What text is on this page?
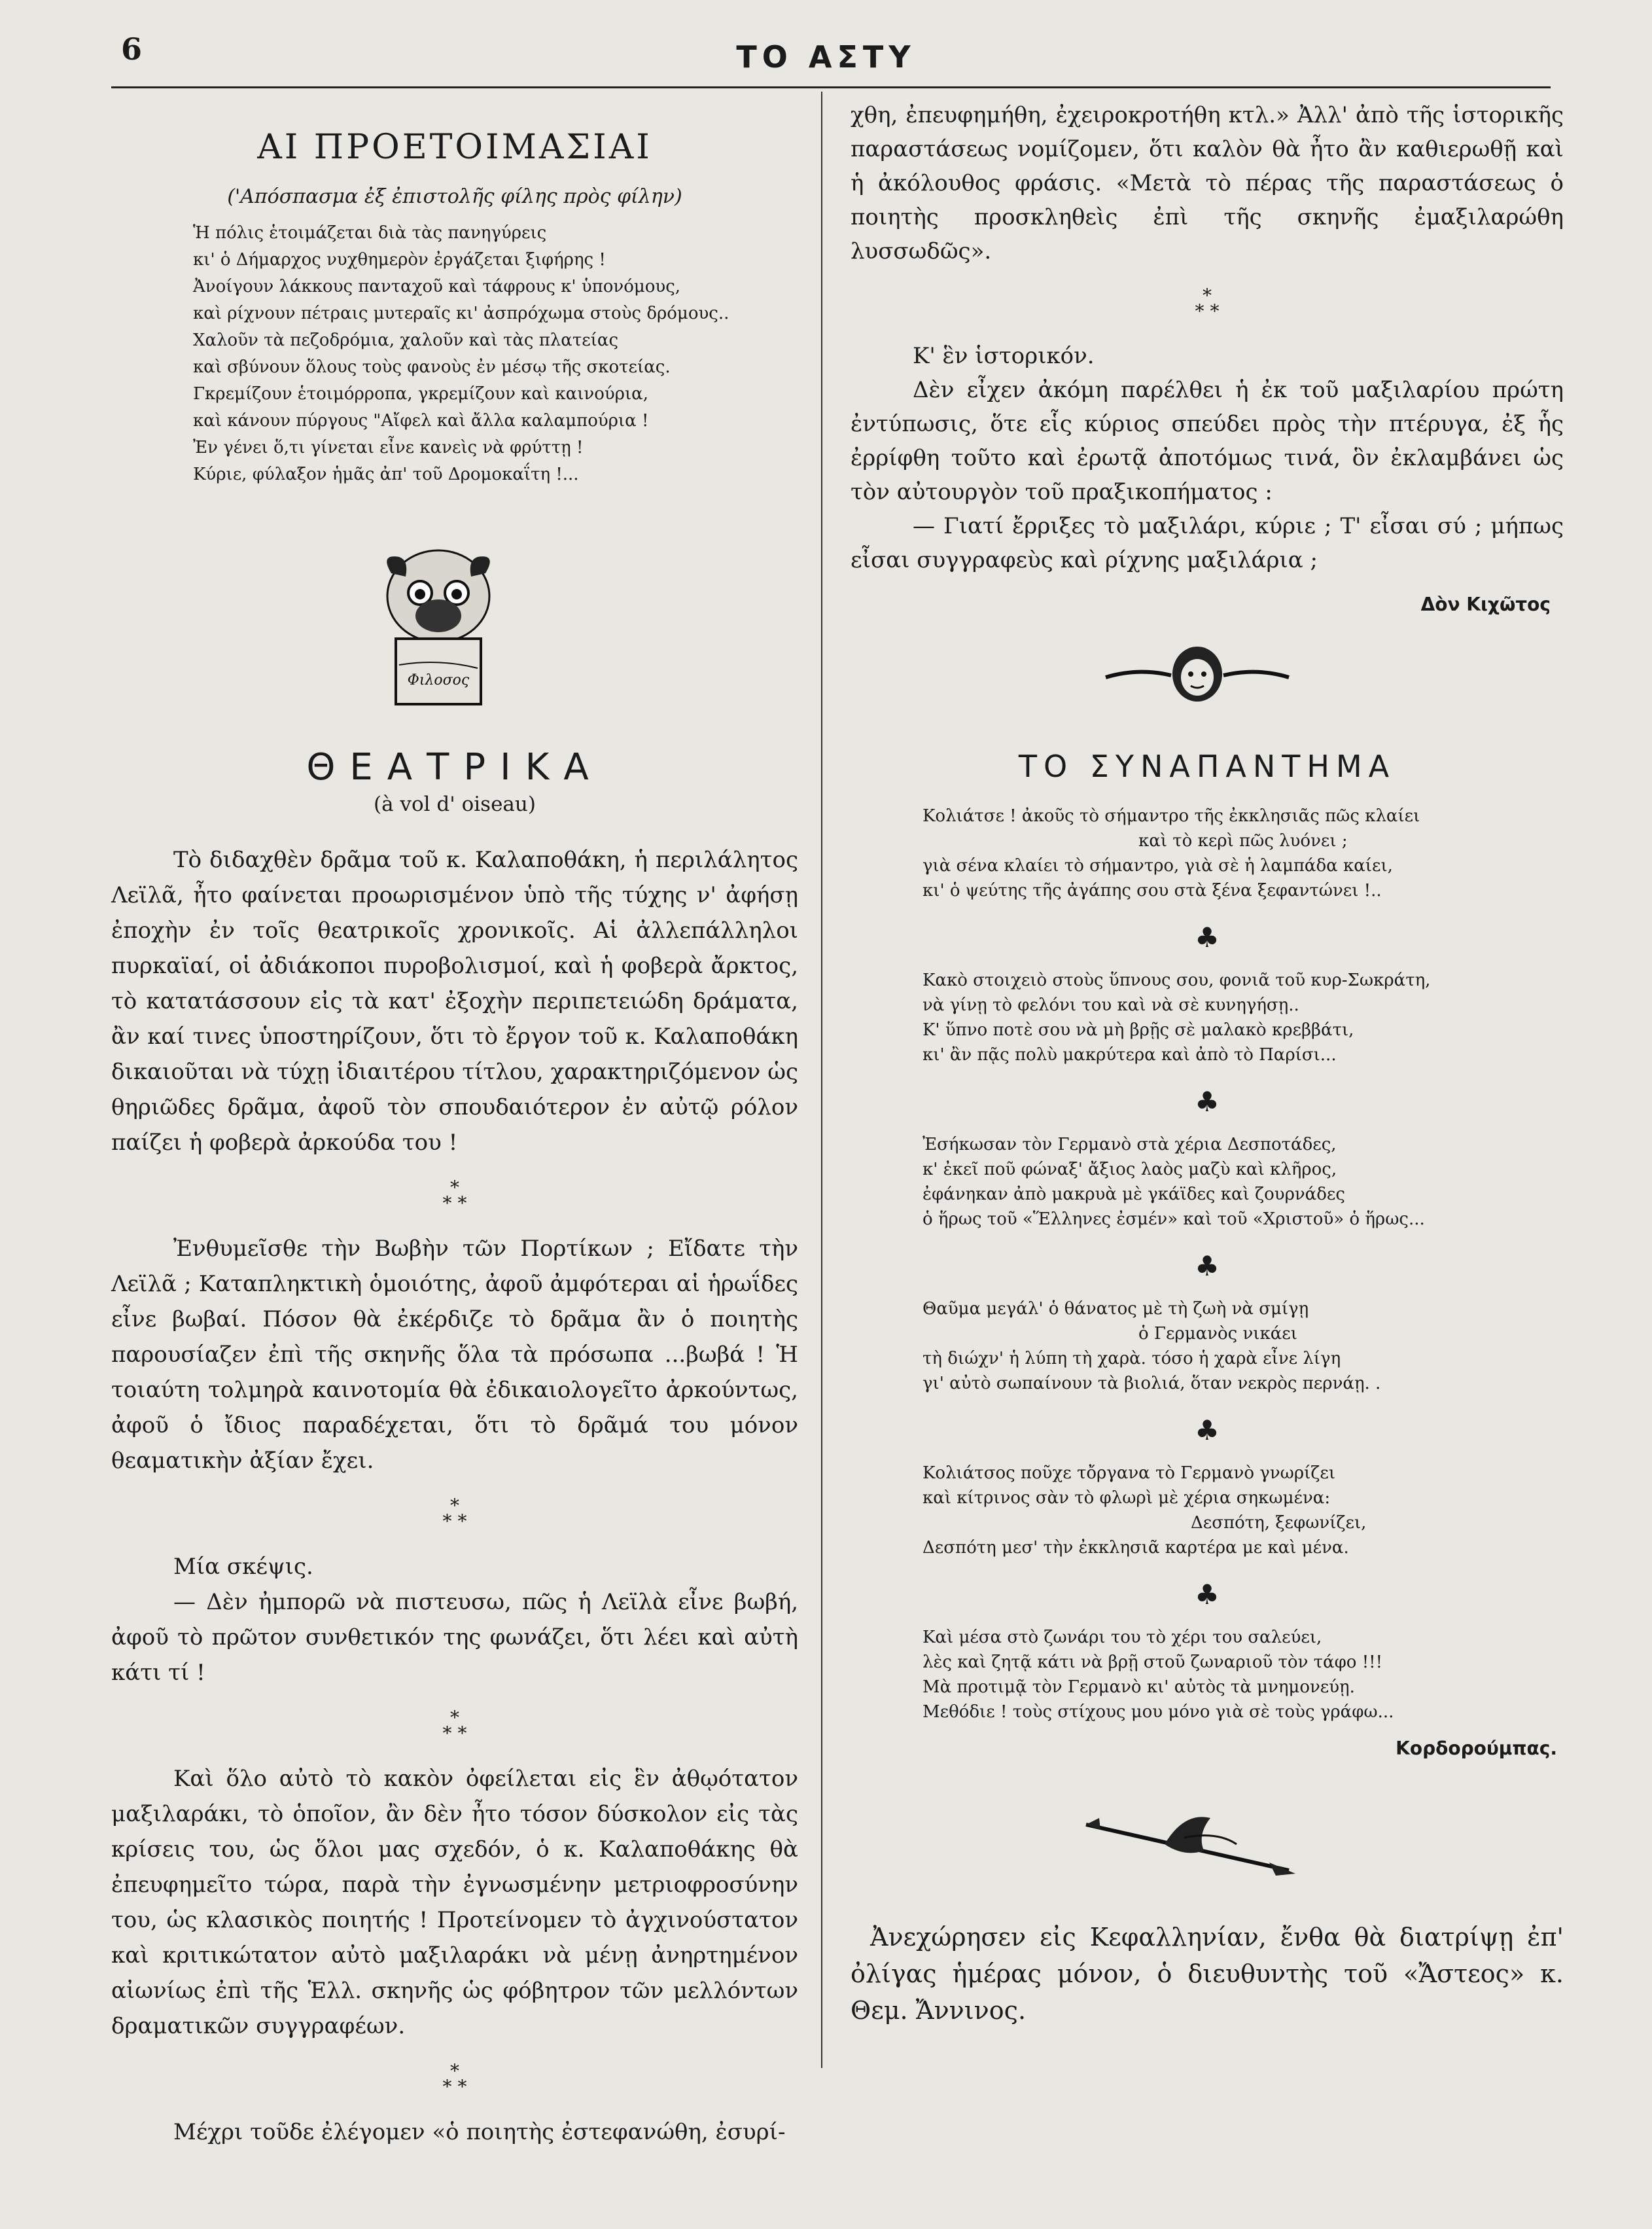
6	ΤΟ ΑΣΤΥ
ΑΙ ΠΡΟΕΤΟΙΜΑΣΙΑΙ
('Απόσπασμα ἐξ ἐπιστολῆς φίλης πρὸς φίλην)
Ἡ πόλις ἑτοιμάζεται διὰ τὰς πανηγύρεις
κι' ὁ Δήμαρχος νυχθημερὸν ἐργάζεται ξιφήρης !
Ἀνοίγουν λάκκους πανταχοῦ καὶ τάφρους κ' ὑπονόμους,
καὶ ρίχνουν πέτραις μυτεραῖς κι' ἀσπρόχωμα στοὺς δρόμους..
Χαλοῦν τὰ πεζοδρόμια, χαλοῦν καὶ τὰς πλατείας
καὶ σβύνουν ὅλους τοὺς φανοὺς ἐν μέσῳ τῆς σκοτείας.
Γκρεμίζουν ἑτοιμόρροπα, γκρεμίζουν καὶ καινούρια,
καὶ κάνουν πύργους "Αἴφελ καὶ ἄλλα καλαμπούρια !
Ἐν γένει ὅ,τι γίνεται εἶνε κανεὶς νὰ φρύττῃ !
Κύριε, φύλαξον ἡμᾶς ἀπ' τοῦ Δρομοκαΐτη !...
Φιλοσος
ΘΕΑΤΡΙΚΑ
(à vol d' oiseau)

Τὸ διδαχθὲν δρᾶμα τοῦ κ. Καλαποθάκη, ἡ περιλάλητος Λεϊλᾶ, ἦτο φαίνεται προωρισμένον ὑπὸ τῆς τύχης ν' ἀφήσῃ ἐποχὴν ἐν τοῖς θεατρικοῖς χρονικοῖς. Αἱ ἀλλεπάλληλοι πυρκαϊαί, οἱ ἀδιάκοποι πυροβολισμοί, καὶ ἡ φοβερὰ ἄρκτος, τὸ κατατάσσουν εἰς τὰ κατ' ἐξοχὴν περιπετειώδη δράματα, ἂν καί τινες ὑποστηρίζουν, ὅτι τὸ ἔργον τοῦ κ. Καλαποθάκη δικαιοῦται νὰ τύχῃ ἰδιαιτέρου τίτλου, χαρακτηριζόμενον ὡς θηριῶδες δρᾶμα, ἀφοῦ τὸν σπουδαιότερον ἐν αὐτῷ ρόλον παίζει ἡ φοβερὰ ἀρκούδα του !

*
* *

Ἐνθυμεῖσθε τὴν Βωβὴν τῶν Πορτίκων ; Εἴδατε τὴν Λεϊλᾶ ; Καταπληκτικὴ ὁμοιότης, ἀφοῦ ἀμφότεραι αἱ ἡρωΐδες εἶνε βωβαί. Πόσον θὰ ἐκέρδιζε τὸ δρᾶμα ἂν ὁ ποιητὴς παρουσίαζεν ἐπὶ τῆς σκηνῆς ὅλα τὰ πρόσωπα ...βωβά ! Ἡ τοιαύτη τολμηρὰ καινοτομία θὰ ἐδικαιολογεῖτο ἀρκούντως, ἀφοῦ ὁ ἴδιος παραδέχεται, ὅτι τὸ δρᾶμά του μόνον θεαματικὴν ἀξίαν ἔχει.

*
* *

Μία σκέψις.

— Δὲν ἠμπορῶ νὰ πιστευσω, πῶς ἡ Λεϊλὰ εἶνε βωβή, ἀφοῦ τὸ πρῶτον συνθετικόν της φωνάζει, ὅτι λέει καὶ αὐτὴ κάτι τί !

*
* *

Καὶ ὅλο αὐτὸ τὸ κακὸν ὀφείλεται εἰς ἓν ἀθῳότατον μαξιλαράκι, τὸ ὁποῖον, ἂν δὲν ἦτο τόσον δύσκολον εἰς τὰς κρίσεις του, ὡς ὅλοι μας σχεδόν, ὁ κ. Καλαποθάκης θὰ ἐπευφημεῖτο τώρα, παρὰ τὴν ἐγνωσμένην μετριοφροσύνην του, ὡς κλασικὸς ποιητής ! Προτείνομεν τὸ ἀγχινούστατον καὶ κριτικώτατον αὐτὸ μαξιλαράκι νὰ μένῃ ἀνηρτημένον αἰωνίως ἐπὶ τῆς Ἑλλ. σκηνῆς ὡς φόβητρον τῶν μελλόντων δραματικῶν συγγραφέων.

*
* *

Μέχρι τοῦδε ἐλέγομεν «ὁ ποιητὴς ἐστεφανώθη, ἐσυρί-

χθη, ἐπευφημήθη, ἐχειροκροτήθη κτλ.» Ἀλλ' ἀπὸ τῆς ἱστορικῆς παραστάσεως νομίζομεν, ὅτι καλὸν θὰ ἦτο ἂν καθιερωθῇ καὶ ἡ ἀκόλουθος φράσις. «Μετὰ τὸ πέρας τῆς παραστάσεως ὁ ποιητὴς προσκληθεὶς ἐπὶ τῆς σκηνῆς ἐμαξιλαρώθη λυσσωδῶς».

*
* *

Κ' ἓν ἱστορικόν.

Δὲν εἶχεν ἀκόμη παρέλθει ἡ ἐκ τοῦ μαξιλαρίου πρώτη ἐντύπωσις, ὅτε εἷς κύριος σπεύδει πρὸς τὴν πτέρυγα, ἐξ ἧς ἐρρίφθη τοῦτο καὶ ἐρωτᾷ ἀποτόμως τινά, ὃν ἐκλαμβάνει ὡς τὸν αὐτουργὸν τοῦ πραξικοπήματος :

— Γιατί ἔρριξες τὸ μαξιλάρι, κύριε ; Τ' εἶσαι σύ ; μήπως εἶσαι συγγραφεὺς καὶ ρίχνης μαξιλάρια ;

Δὸν Κιχῶτος
ΤΟ ΣΥΝΑΠΑΝΤΗΜΑ
Κολιάτσε ! ἀκοῦς τὸ σήμαντρο τῆς ἐκκλησιᾶς πῶς κλαίει
καὶ τὸ κερὶ πῶς λυόνει ;
γιὰ σένα κλαίει τὸ σήμαντρο, γιὰ σὲ ἡ λαμπάδα καίει,
κι' ὁ ψεύτης τῆς ἀγάπης σου στὰ ξένα ξεφαντώνει !..
♣
Κακὸ στοιχειὸ στοὺς ὕπνους σου, φονιᾶ τοῦ κυρ-Σωκράτη,
νὰ γίνῃ τὸ φελόνι του καὶ νὰ σὲ κυνηγήσῃ..
Κ' ὕπνο ποτὲ σου νὰ μὴ βρῇς σὲ μαλακὸ κρεββάτι,
κι' ἂν πᾷς πολὺ μακρύτερα καὶ ἀπὸ τὸ Παρίσι...
♣
Ἐσήκωσαν τὸν Γερμανὸ στὰ χέρια Δεσποτάδες,
κ' ἐκεῖ ποῦ φώναξ' ἄξιος λαὸς μαζὺ καὶ κλῆρος,
ἐφάνηκαν ἀπὸ μακρυὰ μὲ γκάϊδες καὶ ζουρνάδες
ὁ ἥρως τοῦ «Ἕλληνες ἐσμέν» καὶ τοῦ «Χριστοῦ» ὁ ἥρως...
♣
Θαῦμα μεγάλ' ὁ θάνατος μὲ τὴ ζωὴ νὰ σμίγῃ
ὁ Γερμανὸς νικάει
τὴ διώχν' ἡ λύπη τὴ χαρὰ. τόσο ἡ χαρὰ εἶνε λίγη
γι' αὐτὸ σωπαίνουν τὰ βιολιά, ὅταν νεκρὸς περνάῃ. .
♣
Κολιάτσος ποῦχε τὄργανα τὸ Γερμανὸ γνωρίζει
καὶ κίτρινος σὰν τὸ φλωρὶ μὲ χέρια σηκωμένα:
Δεσπότη, ξεφωνίζει,
Δεσπότη μεσ' τὴν ἐκκλησιᾶ καρτέρα με καὶ μένα.
♣
Καὶ μέσα στὸ ζωνάρι του τὸ χέρι του σαλεύει,
λὲς καὶ ζητᾷ κάτι νὰ βρῇ στοῦ ζωναριοῦ τὸν τάφο !!!
Μὰ προτιμᾷ τὸν Γερμανὸ κι' αὐτὸς τὰ μνημονεύῃ.
Μεθόδιε ! τοὺς στίχους μου μόνο γιὰ σὲ τοὺς γράφω...
Κορδορούμπας.
Ἀνεχώρησεν εἰς Κεφαλληνίαν, ἔνθα θὰ διατρίψῃ ἐπ' ὀλίγας ἡμέρας μόνον, ὁ διευθυντὴς τοῦ «Ἄστεος» κ. Θεμ. Ἄννινος.
